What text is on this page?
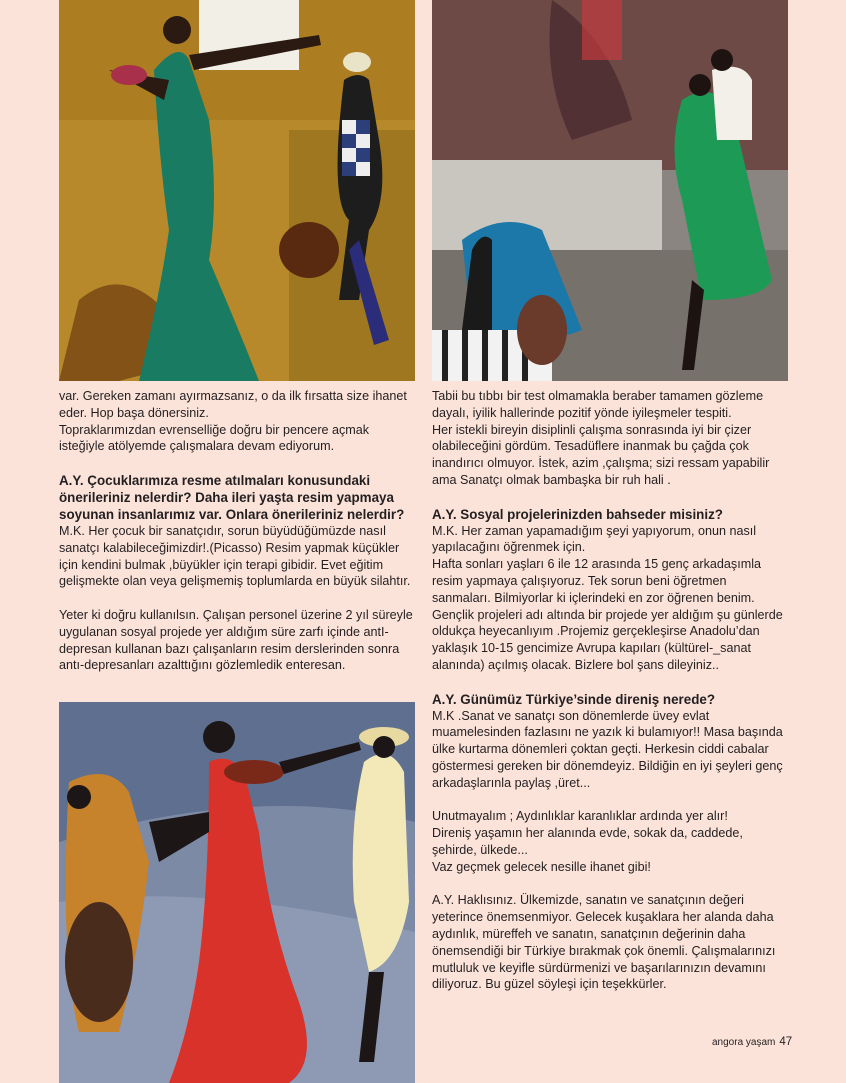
var. Gereken zamanı ayırmazsanız, o da ilk fırsatta size ihanet eder. Hop başa dönersiniz.

Topraklarımızdan evrenselliğe doğru bir pencere açmak isteğiyle atölyemde çalışmalara devam ediyorum.

A.Y. Çocuklarımıza resme atılmaları konusundaki önerileriniz nelerdir? Daha ileri yaşta resim yapmaya soyunan insanlarımız var. Onlara önerileriniz nelerdir?

M.K. Her çocuk bir sanatçıdır, sorun büyüdüğümüzde nasıl sanatçı kalabileceğimizdir!.(Picasso) Resim yapmak küçükler için kendini bulmak ,büyükler için terapi gibidir. Evet eğitim gelişmekte olan veya gelişmemiş toplumlarda en büyük silahtır.

Yeter ki doğru kullanılsın. Çalışan personel üzerine 2 yıl süreyle uygulanan sosyal projede yer aldığım süre zarfı içinde antI-depresan kullanan bazı çalışanların resim derslerinden sonra antı-depresanları azalttığını gözlemledik enteresan.

Tabii bu tıbbı bir test olmamakla beraber tamamen gözleme dayalı, iyilik hallerinde pozitif yönde iyileşmeler tespiti.

Her istekli bireyin disiplinli çalışma sonrasında iyi bir çizer olabileceğini gördüm. Tesadüflere inanmak bu çağda çok inandırıcı olmuyor. İstek, azim ,çalışma; sizi ressam yapabilir ama Sanatçı olmak bambaşka bir ruh hali .

A.Y. Sosyal projelerinizden bahseder misiniz?

M.K. Her zaman yapamadığım şeyi yapıyorum, onun nasıl yapılacağını öğrenmek için.

Hafta sonları yaşları 6 ile 12 arasında 15 genç arkadaşımla resim yapmaya çalışıyoruz. Tek sorun beni öğretmen sanmaları. Bilmiyorlar ki içlerindeki en zor öğrenen benim. Gençlik projeleri adı altında bir projede yer aldığım şu günlerde oldukça heyecanlıyım .Projemiz gerçekleşirse Anadolu’dan yaklaşık 10-15 gencimize Avrupa kapıları (kültürel-_sanat alanında) açılmış olacak. Bizlere bol şans dileyiniz..

A.Y. Günümüz Türkiye’sinde direniş nerede?

M.K .Sanat ve sanatçı son dönemlerde üvey evlat muamelesinden fazlasını ne yazık ki bulamıyor!! Masa başında ülke kurtarma dönemleri çoktan geçti. Herkesin ciddi cabalar göstermesi gereken bir dönemdeyiz. Bildiğin en iyi şeyleri genç arkadaşlarınla paylaş ,üret...

Unutmayalım ; Aydınlıklar karanlıklar ardında yer alır!

Direniş yaşamın her alanında evde, sokak da, caddede, şehirde, ülkede...

Vaz geçmek gelecek nesille ihanet gibi!

A.Y. Haklısınız. Ülkemizde, sanatın ve sanatçının değeri yeterince önemsenmiyor. Gelecek kuşaklara her alanda daha aydınlık, müreffeh ve sanatın, sanatçının değerinin daha önemsendiği bir Türkiye bırakmak çok önemli. Çalışmalarınızı mutluluk ve keyifle sürdürmenizi ve başarılarınızın devamını diliyoruz. Bu güzel söyleşi için teşekkürler.

angora yaşam 47
